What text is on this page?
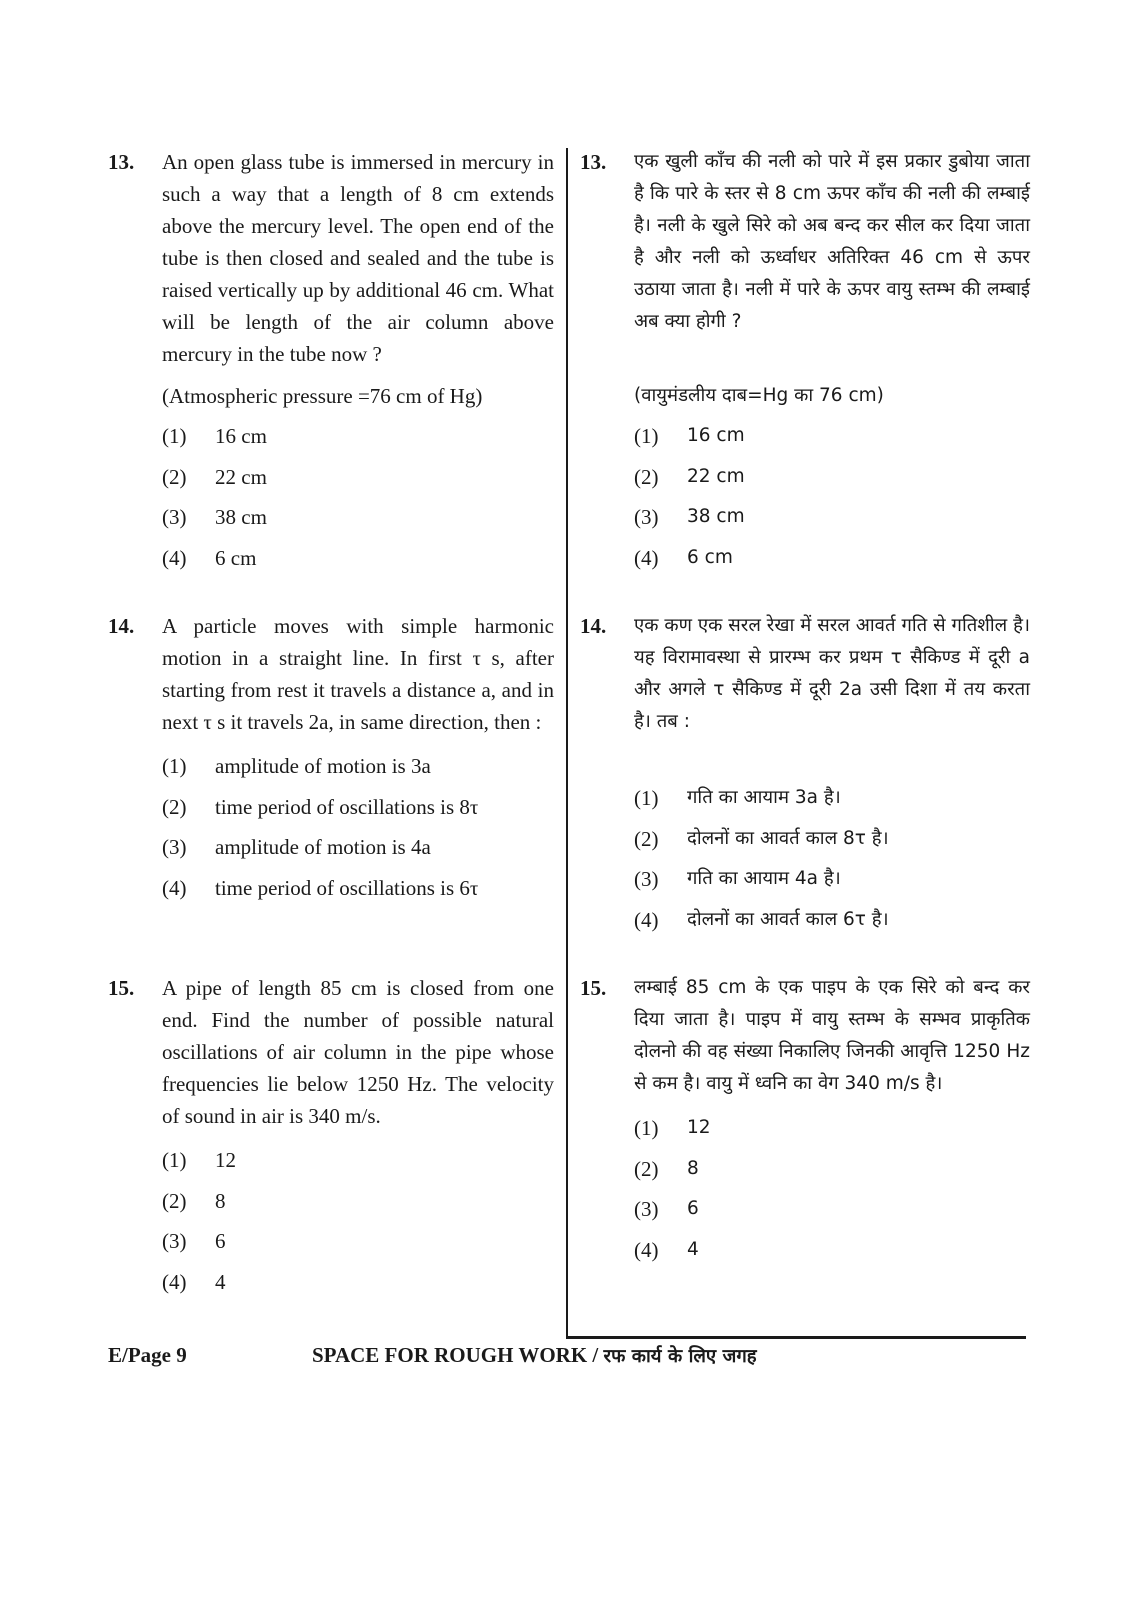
13. An open glass tube is immersed in mercury in such a way that a length of 8 cm extends above the mercury level. The open end of the tube is then closed and sealed and the tube is raised vertically up by additional 46 cm. What will be length of the air column above mercury in the tube now ?
(Atmospheric pressure =76 cm of Hg)
(1)	16 cm
(2)	22 cm
(3)	38 cm
(4)	6 cm
14. A particle moves with simple harmonic motion in a straight line. In first τ s, after starting from rest it travels a distance a, and in next τ s it travels 2a, in same direction, then :
(1)	amplitude of motion is 3a
(2)	time period of oscillations is 8τ
(3)	amplitude of motion is 4a
(4)	time period of oscillations is 6τ
15. A pipe of length 85 cm is closed from one end. Find the number of possible natural oscillations of air column in the pipe whose frequencies lie below 1250 Hz. The velocity of sound in air is 340 m/s.
(1)	12
(2)	8
(3)	6
(4)	4
13. एक खुली काँच की नली को पारे में इस प्रकार डुबोया जाता है कि पारे के स्तर से 8 cm ऊपर काँच की नली की लम्बाई है। नली के खुले सिरे को अब बन्द कर सील कर दिया जाता है और नली को ऊर्ध्वाधर अतिरिक्त 46 cm से ऊपर उठाया जाता है। नली में पारे के ऊपर वायु स्तम्भ की लम्बाई अब क्या होगी ?
(वायुमंडलीय दाब=Hg का 76 cm)
(1)	16 cm
(2)	22 cm
(3)	38 cm
(4)	6 cm
14. एक कण एक सरल रेखा में सरल आवर्त गति से गतिशील है। यह विरामावस्था से प्रारम्भ कर प्रथम τ सैकिण्ड में दूरी a और अगले τ सैकिण्ड में दूरी 2a उसी दिशा में तय करता है। तब :
(1)	गति का आयाम 3a है।
(2)	दोलनों का आवर्त काल 8τ है।
(3)	गति का आयाम 4a है।
(4)	दोलनों का आवर्त काल 6τ है।
15. लम्बाई 85 cm के एक पाइप के एक सिरे को बन्द कर दिया जाता है। पाइप में वायु स्तम्भ के सम्भव प्राकृतिक दोलनो की वह संख्या निकालिए जिनकी आवृत्ति 1250 Hz से कम है। वायु में ध्वनि का वेग 340 m/s है।
(1)	12
(2)	8
(3)	6
(4)	4
E/Page 9	SPACE FOR ROUGH WORK / रफ कार्य के लिए जगह
